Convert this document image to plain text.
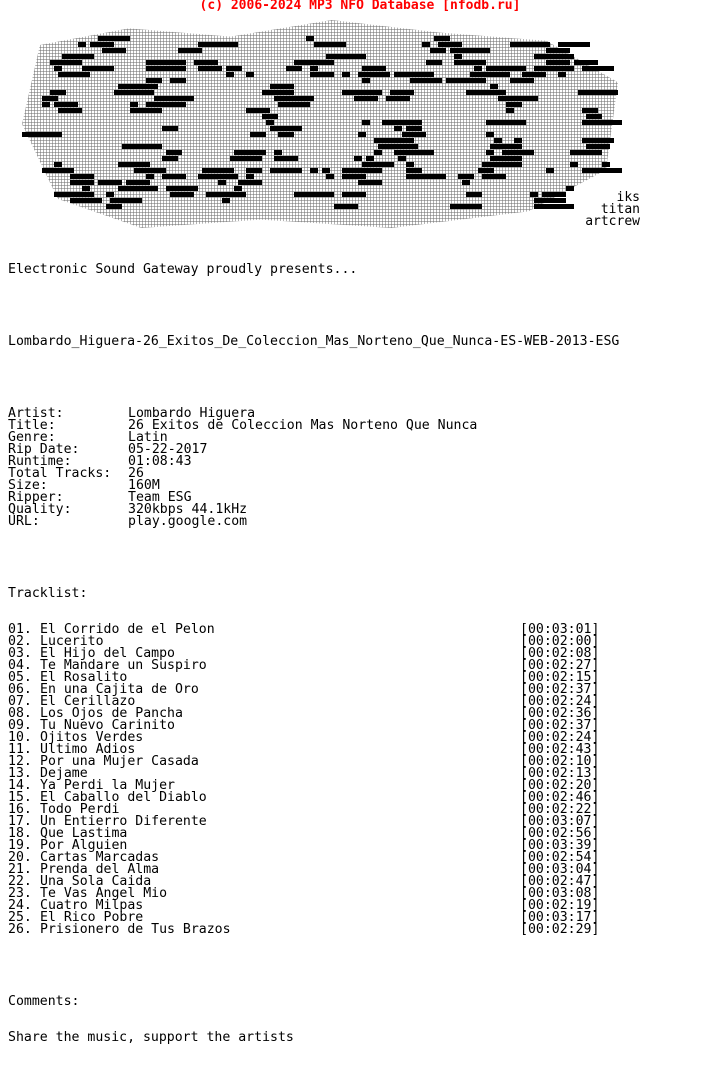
(c) 2006-2024 MP3 NFO Database [nfodb.ru]
iks
titan
artcrew

Electronic Sound Gateway proudly presents...

Lombardo_Higuera-26_Exitos_De_Coleccion_Mas_Norteno_Que_Nunca-ES-WEB-2013-ESG

Artist:	Lombardo Higuera
Title:	26 Exitos de Coleccion Mas Norteno Que Nunca
Genre:	Latin
Rip Date:	05-22-2017
Runtime:	01:08:43
Total Tracks:	26
Size:	160M
Ripper:	Team ESG
Quality:	320kbps 44.1kHz
URL:	play.google.com

Tracklist:

01. El Corrido de el Pelon	[00:03:01]
02. Lucerito	[00:02:00]
03. El Hijo del Campo	[00:02:08]
04. Te Mandare un Suspiro	[00:02:27]
05. El Rosalito	[00:02:15]
06. En una Cajita de Oro	[00:02:37]
07. El Cerillazo	[00:02:24]
08. Los Ojos de Pancha	[00:02:36]
09. Tu Nuevo Carinito	[00:02:37]
10. Ojitos Verdes	[00:02:24]
11. Ultimo Adios	[00:02:43]
12. Por una Mujer Casada	[00:02:10]
13. Dejame	[00:02:13]
14. Ya Perdi la Mujer	[00:02:20]
15. El Caballo del Diablo	[00:02:46]
16. Todo Perdi	[00:02:22]
17. Un Entierro Diferente	[00:03:07]
18. Que Lastima	[00:02:56]
19. Por Alguien	[00:03:39]
20. Cartas Marcadas	[00:02:54]
21. Prenda del Alma	[00:03:04]
22. Una Sola Caida	[00:02:47]
23. Te Vas Angel Mio	[00:03:08]
24. Cuatro Milpas	[00:02:19]
25. El Rico Pobre	[00:03:17]
26. Prisionero de Tus Brazos	[00:02:29]

Comments:

Share the music, support the artists
